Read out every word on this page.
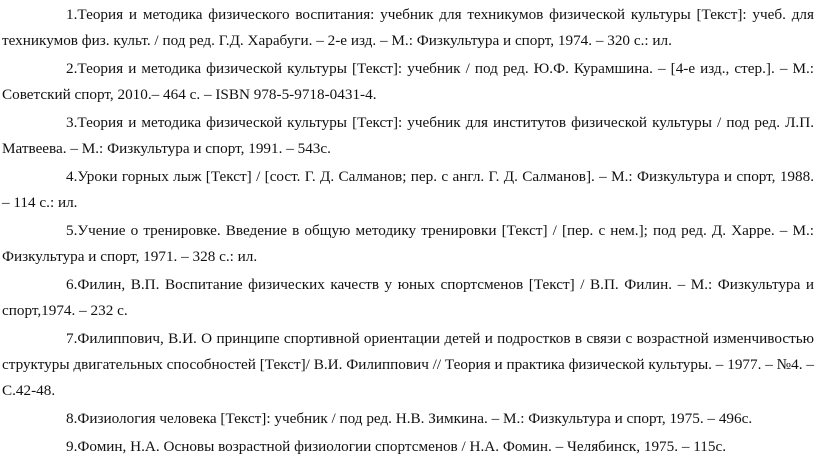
1.Теория и методика физического воспитания: учебник для техникумов физической культуры [Текст]: учеб. для техникумов физ. культ. / под ред. Г.Д. Харабуги. – 2-е изд. – М.: Физкультура и спорт, 1974. – 320 с.: ил.

2.Теория и методика физической культуры [Текст]: учебник / под ред. Ю.Ф. Курамшина. – [4-е изд., стер.]. – М.: Советский спорт, 2010.– 464 с. – ISBN 978-5-9718-0431-4.

3.Теория и методика физической культуры [Текст]: учебник для институтов физической культуры / под ред. Л.П. Матвеева. – М.: Физкультура и спорт, 1991. – 543с.

4.Уроки горных лыж [Текст] / [сост. Г. Д. Салманов; пер. с англ. Г. Д. Салманов]. – М.: Физкультура и спорт, 1988. – 114 с.: ил.

5.Учение о тренировке. Введение в общую методику тренировки [Текст] / [пер. с нем.]; под ред. Д. Харре. – М.: Физкультура и спорт, 1971. – 328 с.: ил.

6.Филин, В.П. Воспитание физических качеств у юных спортсменов [Текст] / В.П. Филин. – М.: Физкультура и спорт,1974. – 232 с.

7.Филиппович, В.И. О принципе спортивной ориентации детей и подростков в связи с возрастной изменчивостью структуры двигательных способностей [Текст]/ В.И. Филиппович // Теория и практика физической культуры. – 1977. – №4. – С.42-48.

8.Физиология человека [Текст]: учебник / под ред. Н.В. Зимкина. – М.: Физкультура и спорт, 1975. – 496с.

9.Фомин, Н.А. Основы возрастной физиологии спортсменов / Н.А. Фомин. – Челябинск, 1975. – 115с.
